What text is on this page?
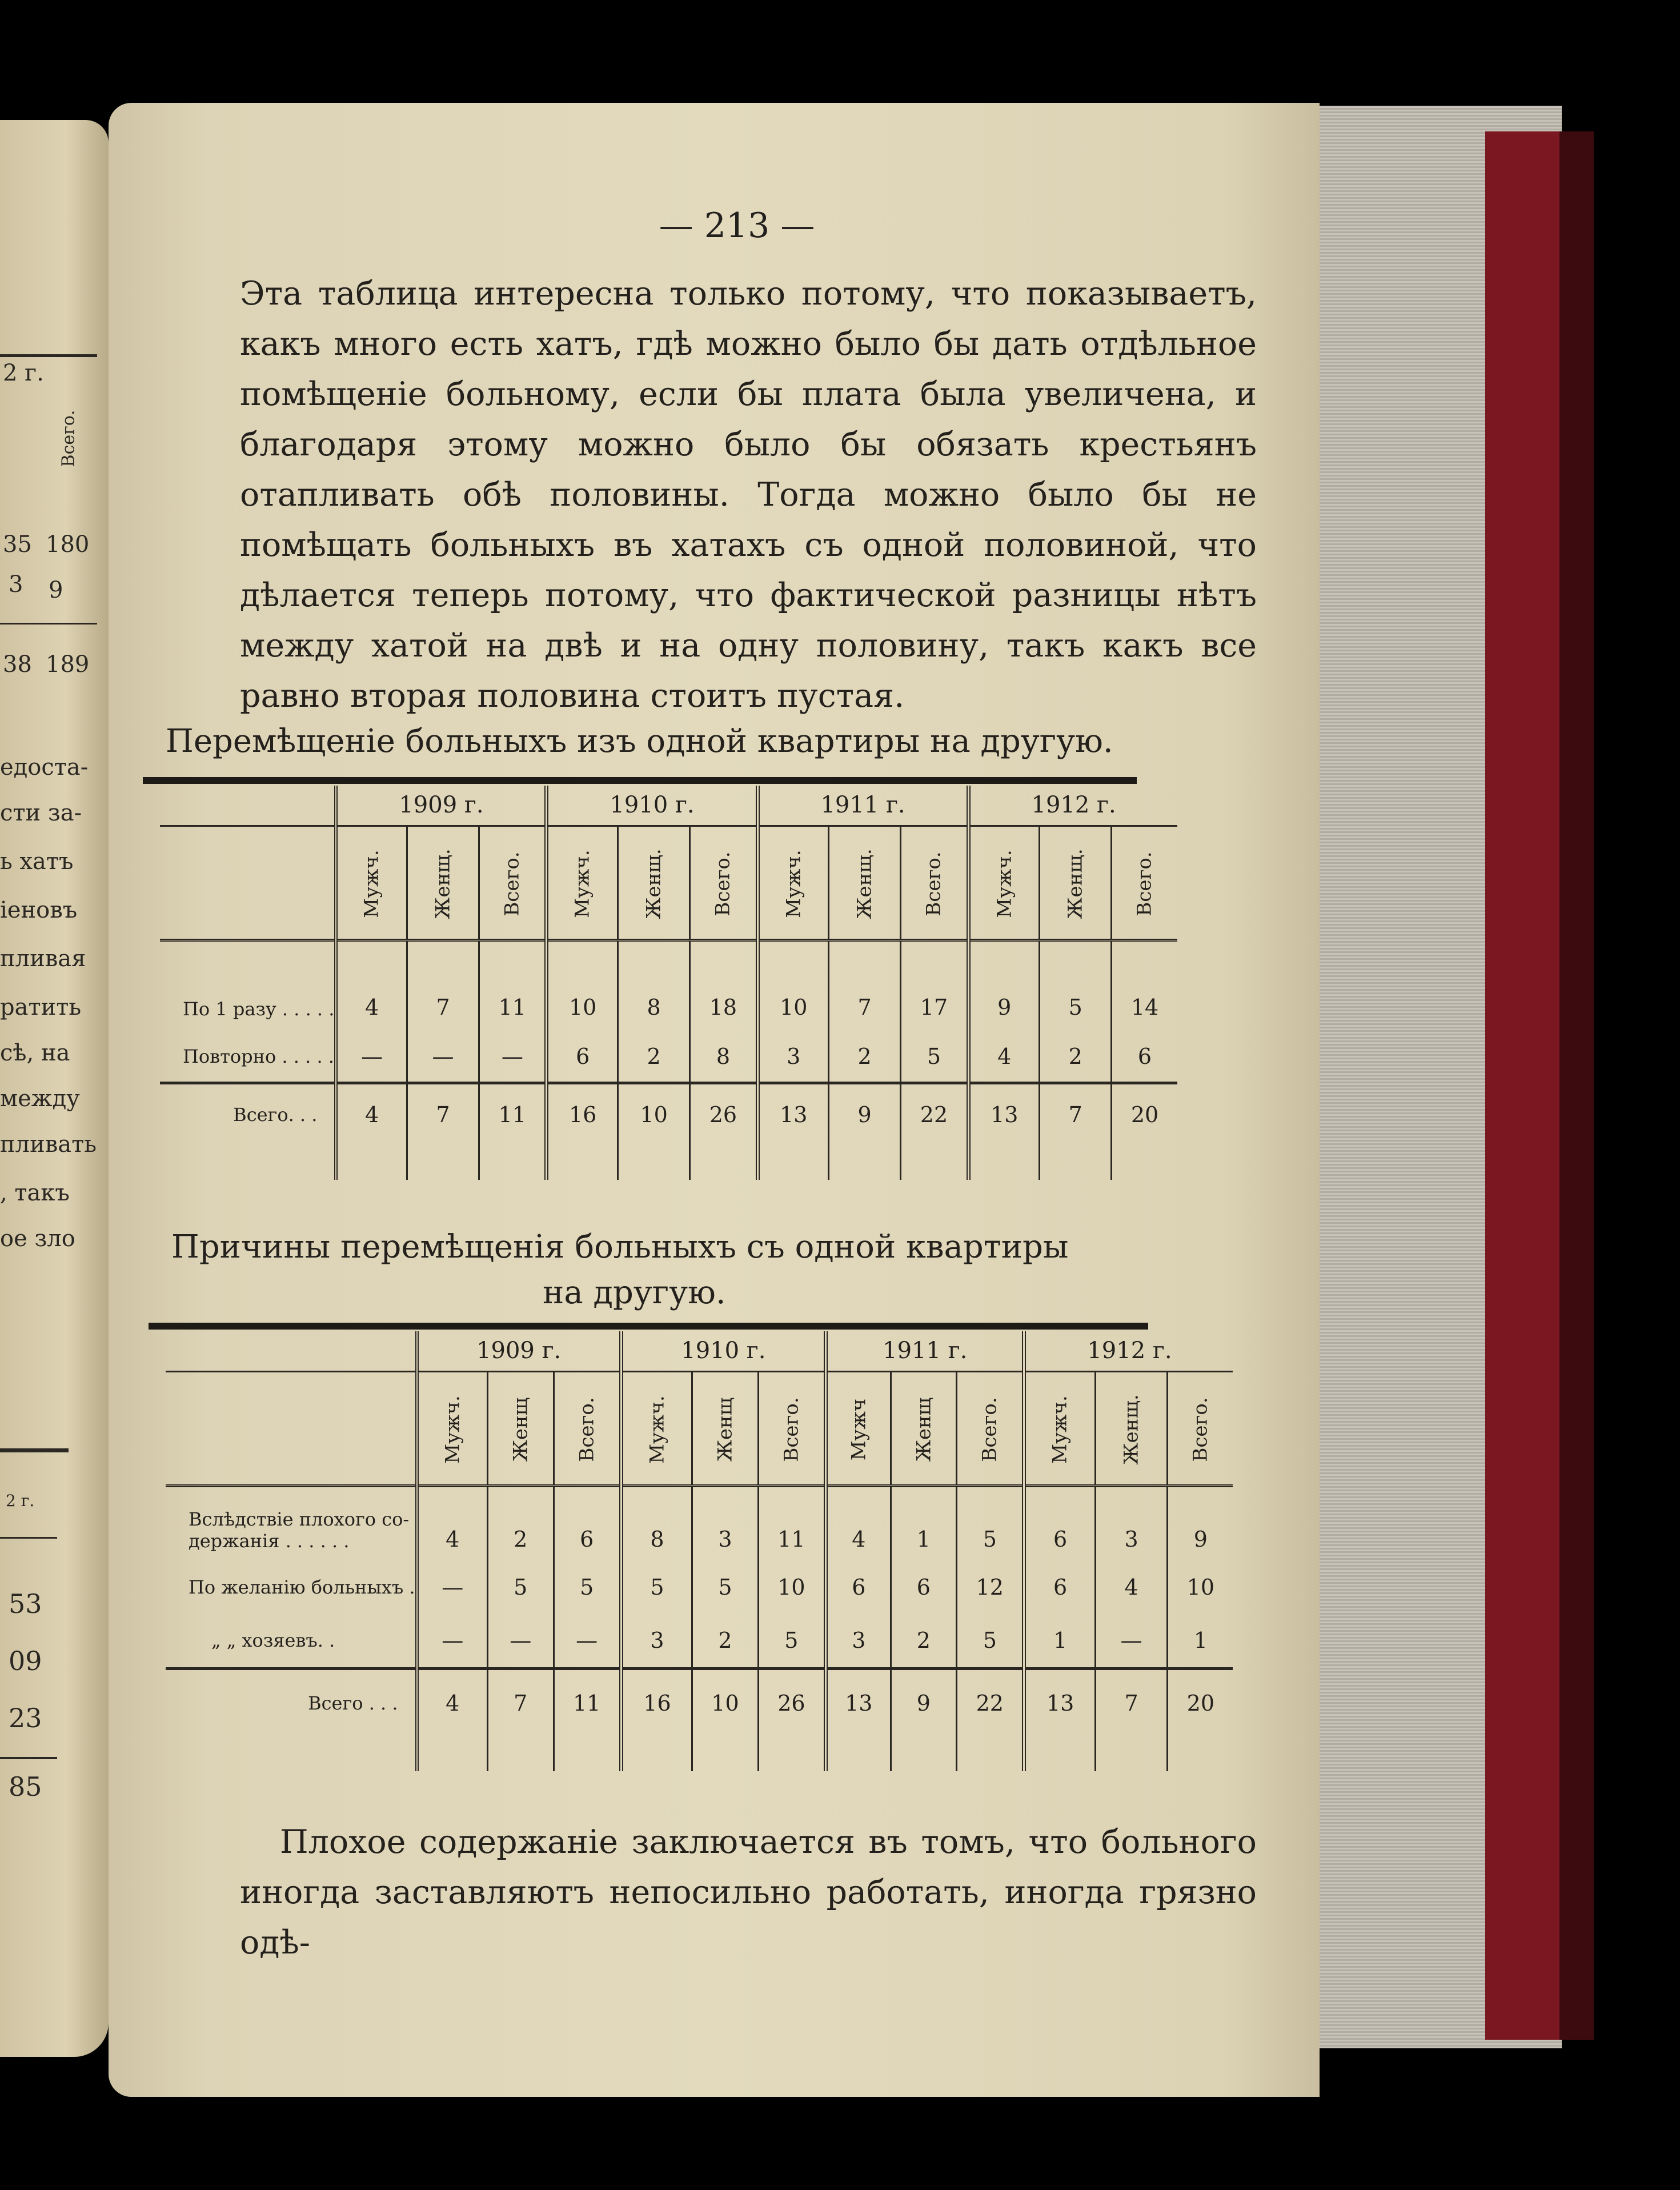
2 г.
Всего.
35 180
3 9
38 189
едоста-
сти за-
ь хатъ
іеновъ
пливая
ратить
сѣ, на
между
пливать
, такъ
ое зло
2 г.
53
09
23
85
— 213 —

Эта таблица интересна только потому, что показываетъ, какъ много есть хатъ, гдѣ можно было бы дать отдѣльное помѣщеніе больному, если бы плата была увеличена, и благодаря этому можно было бы обязать крестьянъ отапливать обѣ половины. Тогда можно было бы не помѣщать больныхъ въ хатахъ съ одной половиной, что дѣлается теперь потому, что фактической разницы нѣтъ между хатой на двѣ и на одну половину, такъ какъ все равно вторая половина стоитъ пустая.

Перемѣщеніе больныхъ изъ одной квартиры на другую.
	1909 г.			1910 г.			1911 г.			1912 г.		
	Мужч.	Женщ.	Всего.	Мужч.	Женщ.	Всего.	Мужч.	Женщ.	Всего.	Мужч.	Женщ.	Всего.
По 1 разу . . . . .	4	7	11	10	8	18	10	7	17	9	5	14
Повторно . . . . .	—	—	—	6	2	8	3	2	5	4	2	6
Всего. . .	4	7	11	16	10	26	13	9	22	13	7	20

Причины перемѣщенія больныхъ съ одной квартиры
на другую.
	1909 г.			1910 г.			1911 г.			1912 г.		
	Мужч.	Женщ	Всего.	Мужч.	Женщ	Всего.	Мужч	Женщ	Всего.	Мужч.	Женщ.	Всего.
Вслѣдствіе плохого со-
держанія . . . . . .	4	2	6	8	3	11	4	1	5	6	3	9
По желанію больныхъ .	—	5	5	5	5	10	6	6	12	6	4	10
„ „ хозяевъ. .	—	—	—	3	2	5	3	2	5	1	—	1
Всего . . .	4	7	11	16	10	26	13	9	22	13	7	20

Плохое содержаніе заключается въ томъ, что больного иногда заставляютъ непосильно работать, иногда грязно одѣ-
